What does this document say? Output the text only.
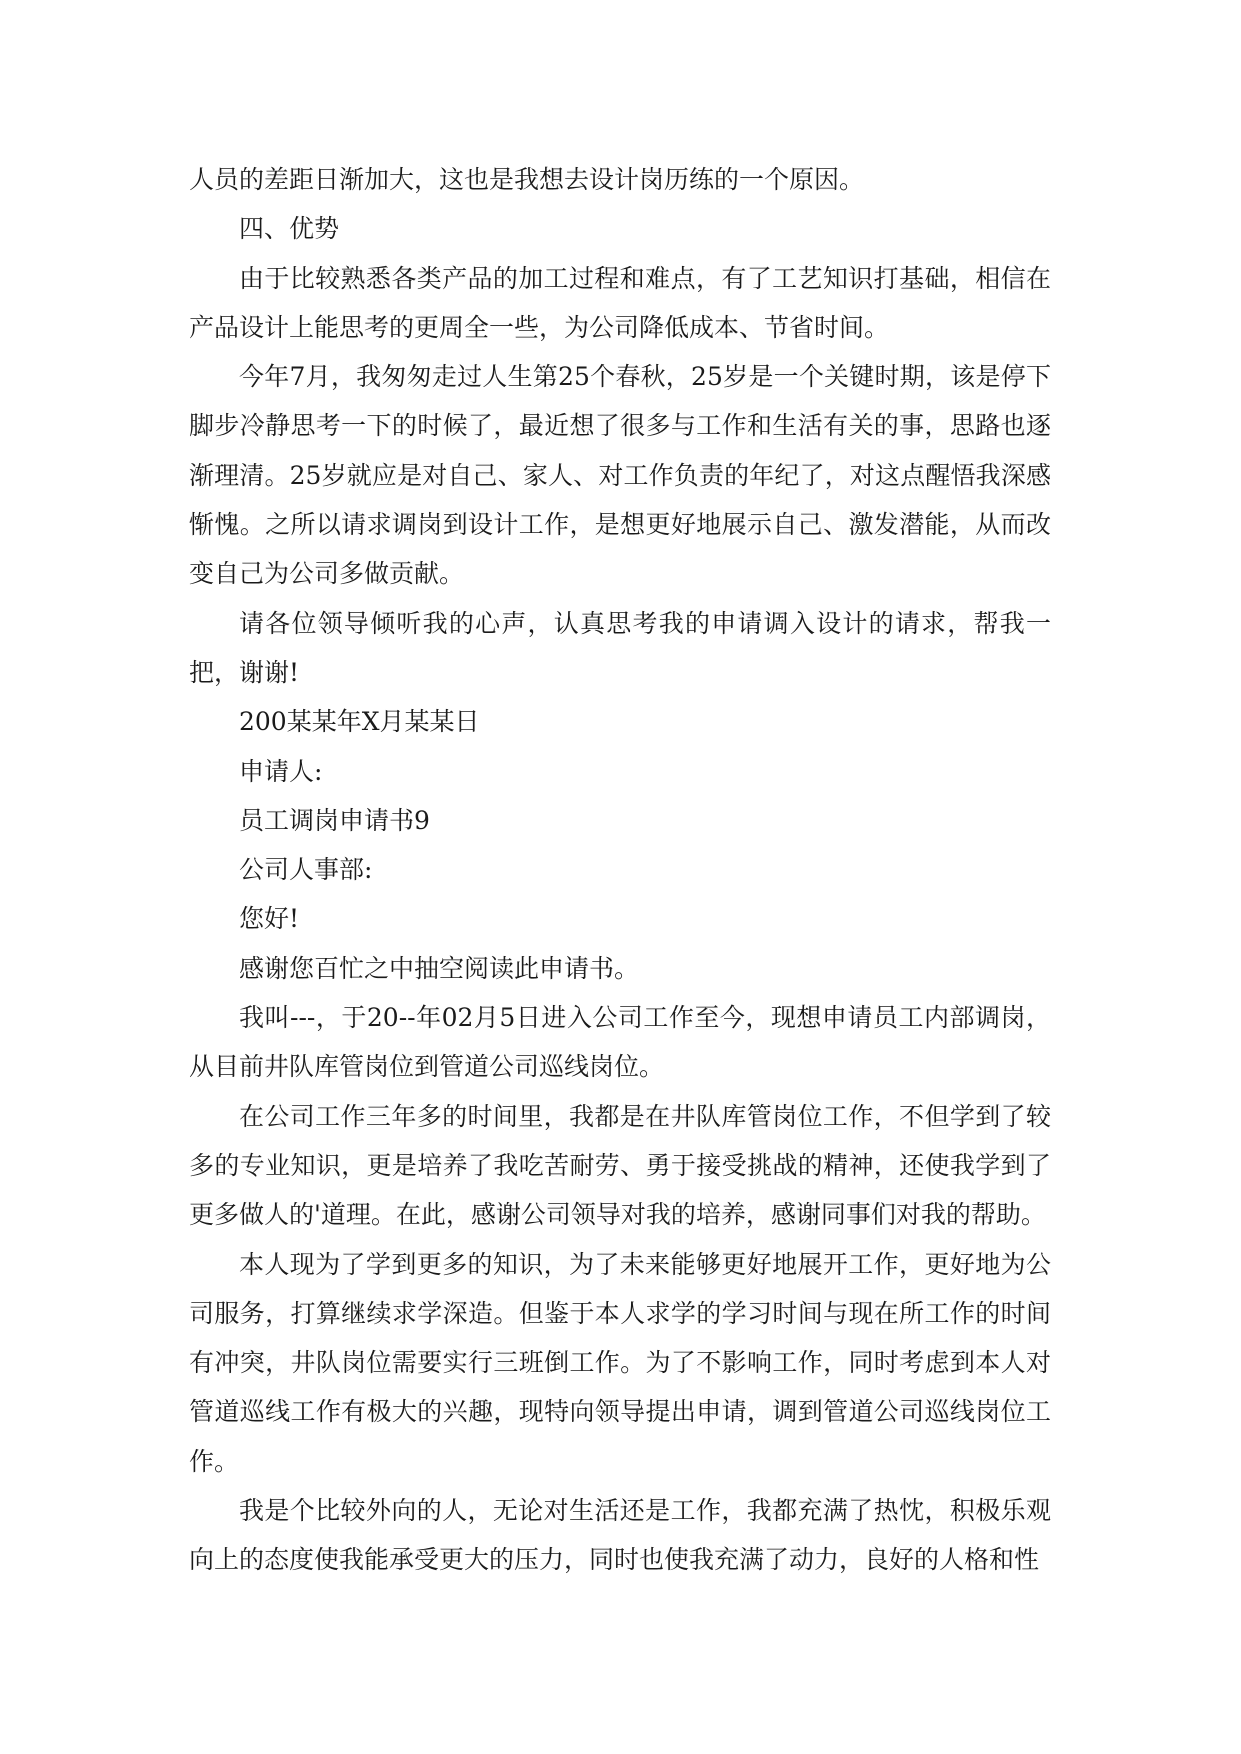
人员的差距日渐加大，这也是我想去设计岗历练的一个原因。

四、优势

由于比较熟悉各类产品的加工过程和难点，有了工艺知识打基础，相信在产品设计上能思考的更周全一些，为公司降低成本、节省时间。

今年7月，我匆匆走过人生第25个春秋，25岁是一个关键时期，该是停下脚步冷静思考一下的时候了，最近想了很多与工作和生活有关的事，思路也逐渐理清。25岁就应是对自己、家人、对工作负责的年纪了，对这点醒悟我深感惭愧。之所以请求调岗到设计工作，是想更好地展示自己、激发潜能，从而改变自己为公司多做贡献。

请各位领导倾听我的心声，认真思考我的申请调入设计的请求，帮我一把，谢谢!

200某某年X月某某日

申请人:

员工调岗申请书9

公司人事部:

您好!

感谢您百忙之中抽空阅读此申请书。

我叫---，于20--年02月5日进入公司工作至今，现想申请员工内部调岗，从目前井队库管岗位到管道公司巡线岗位。

在公司工作三年多的时间里，我都是在井队库管岗位工作，不但学到了较多的专业知识，更是培养了我吃苦耐劳、勇于接受挑战的精神，还使我学到了更多做人的'道理。在此，感谢公司领导对我的培养，感谢同事们对我的帮助。

本人现为了学到更多的知识，为了未来能够更好地展开工作，更好地为公司服务，打算继续求学深造。但鉴于本人求学的学习时间与现在所工作的时间有冲突，井队岗位需要实行三班倒工作。为了不影响工作，同时考虑到本人对管道巡线工作有极大的兴趣，现特向领导提出申请，调到管道公司巡线岗位工作。

我是个比较外向的人，无论对生活还是工作，我都充满了热忱，积极乐观向上的态度使我能承受更大的压力，同时也使我充满了动力，良好的人格和性
